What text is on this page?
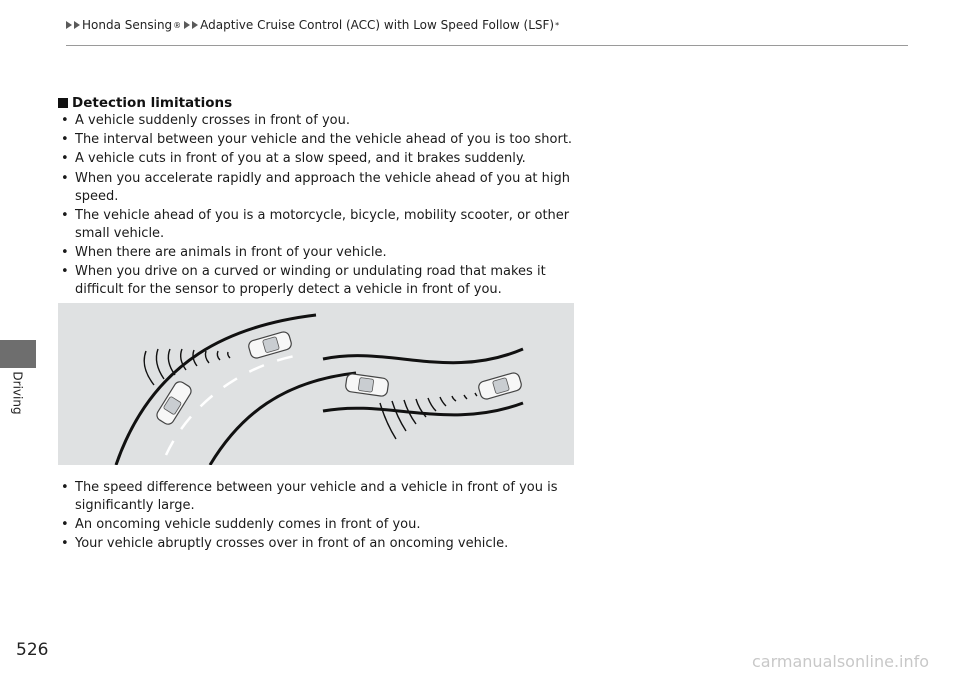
Honda Sensing ® Adaptive Cruise Control (ACC) with Low Speed Follow (LSF) *
Driving
Detection limitations
• A vehicle suddenly crosses in front of you.
• The interval between your vehicle and the vehicle ahead of you is too short.
• A vehicle cuts in front of you at a slow speed, and it brakes suddenly.
• When you accelerate rapidly and approach the vehicle ahead of you at high speed.
• The vehicle ahead of you is a motorcycle, bicycle, mobility scooter, or other small vehicle.
• When there are animals in front of your vehicle.
• When you drive on a curved or winding or undulating road that makes it difficult for the sensor to properly detect a vehicle in front of you.
• The speed difference between your vehicle and a vehicle in front of you is significantly large.
• An oncoming vehicle suddenly comes in front of you.
• Your vehicle abruptly crosses over in front of an oncoming vehicle.
526
carmanualsonline.info
